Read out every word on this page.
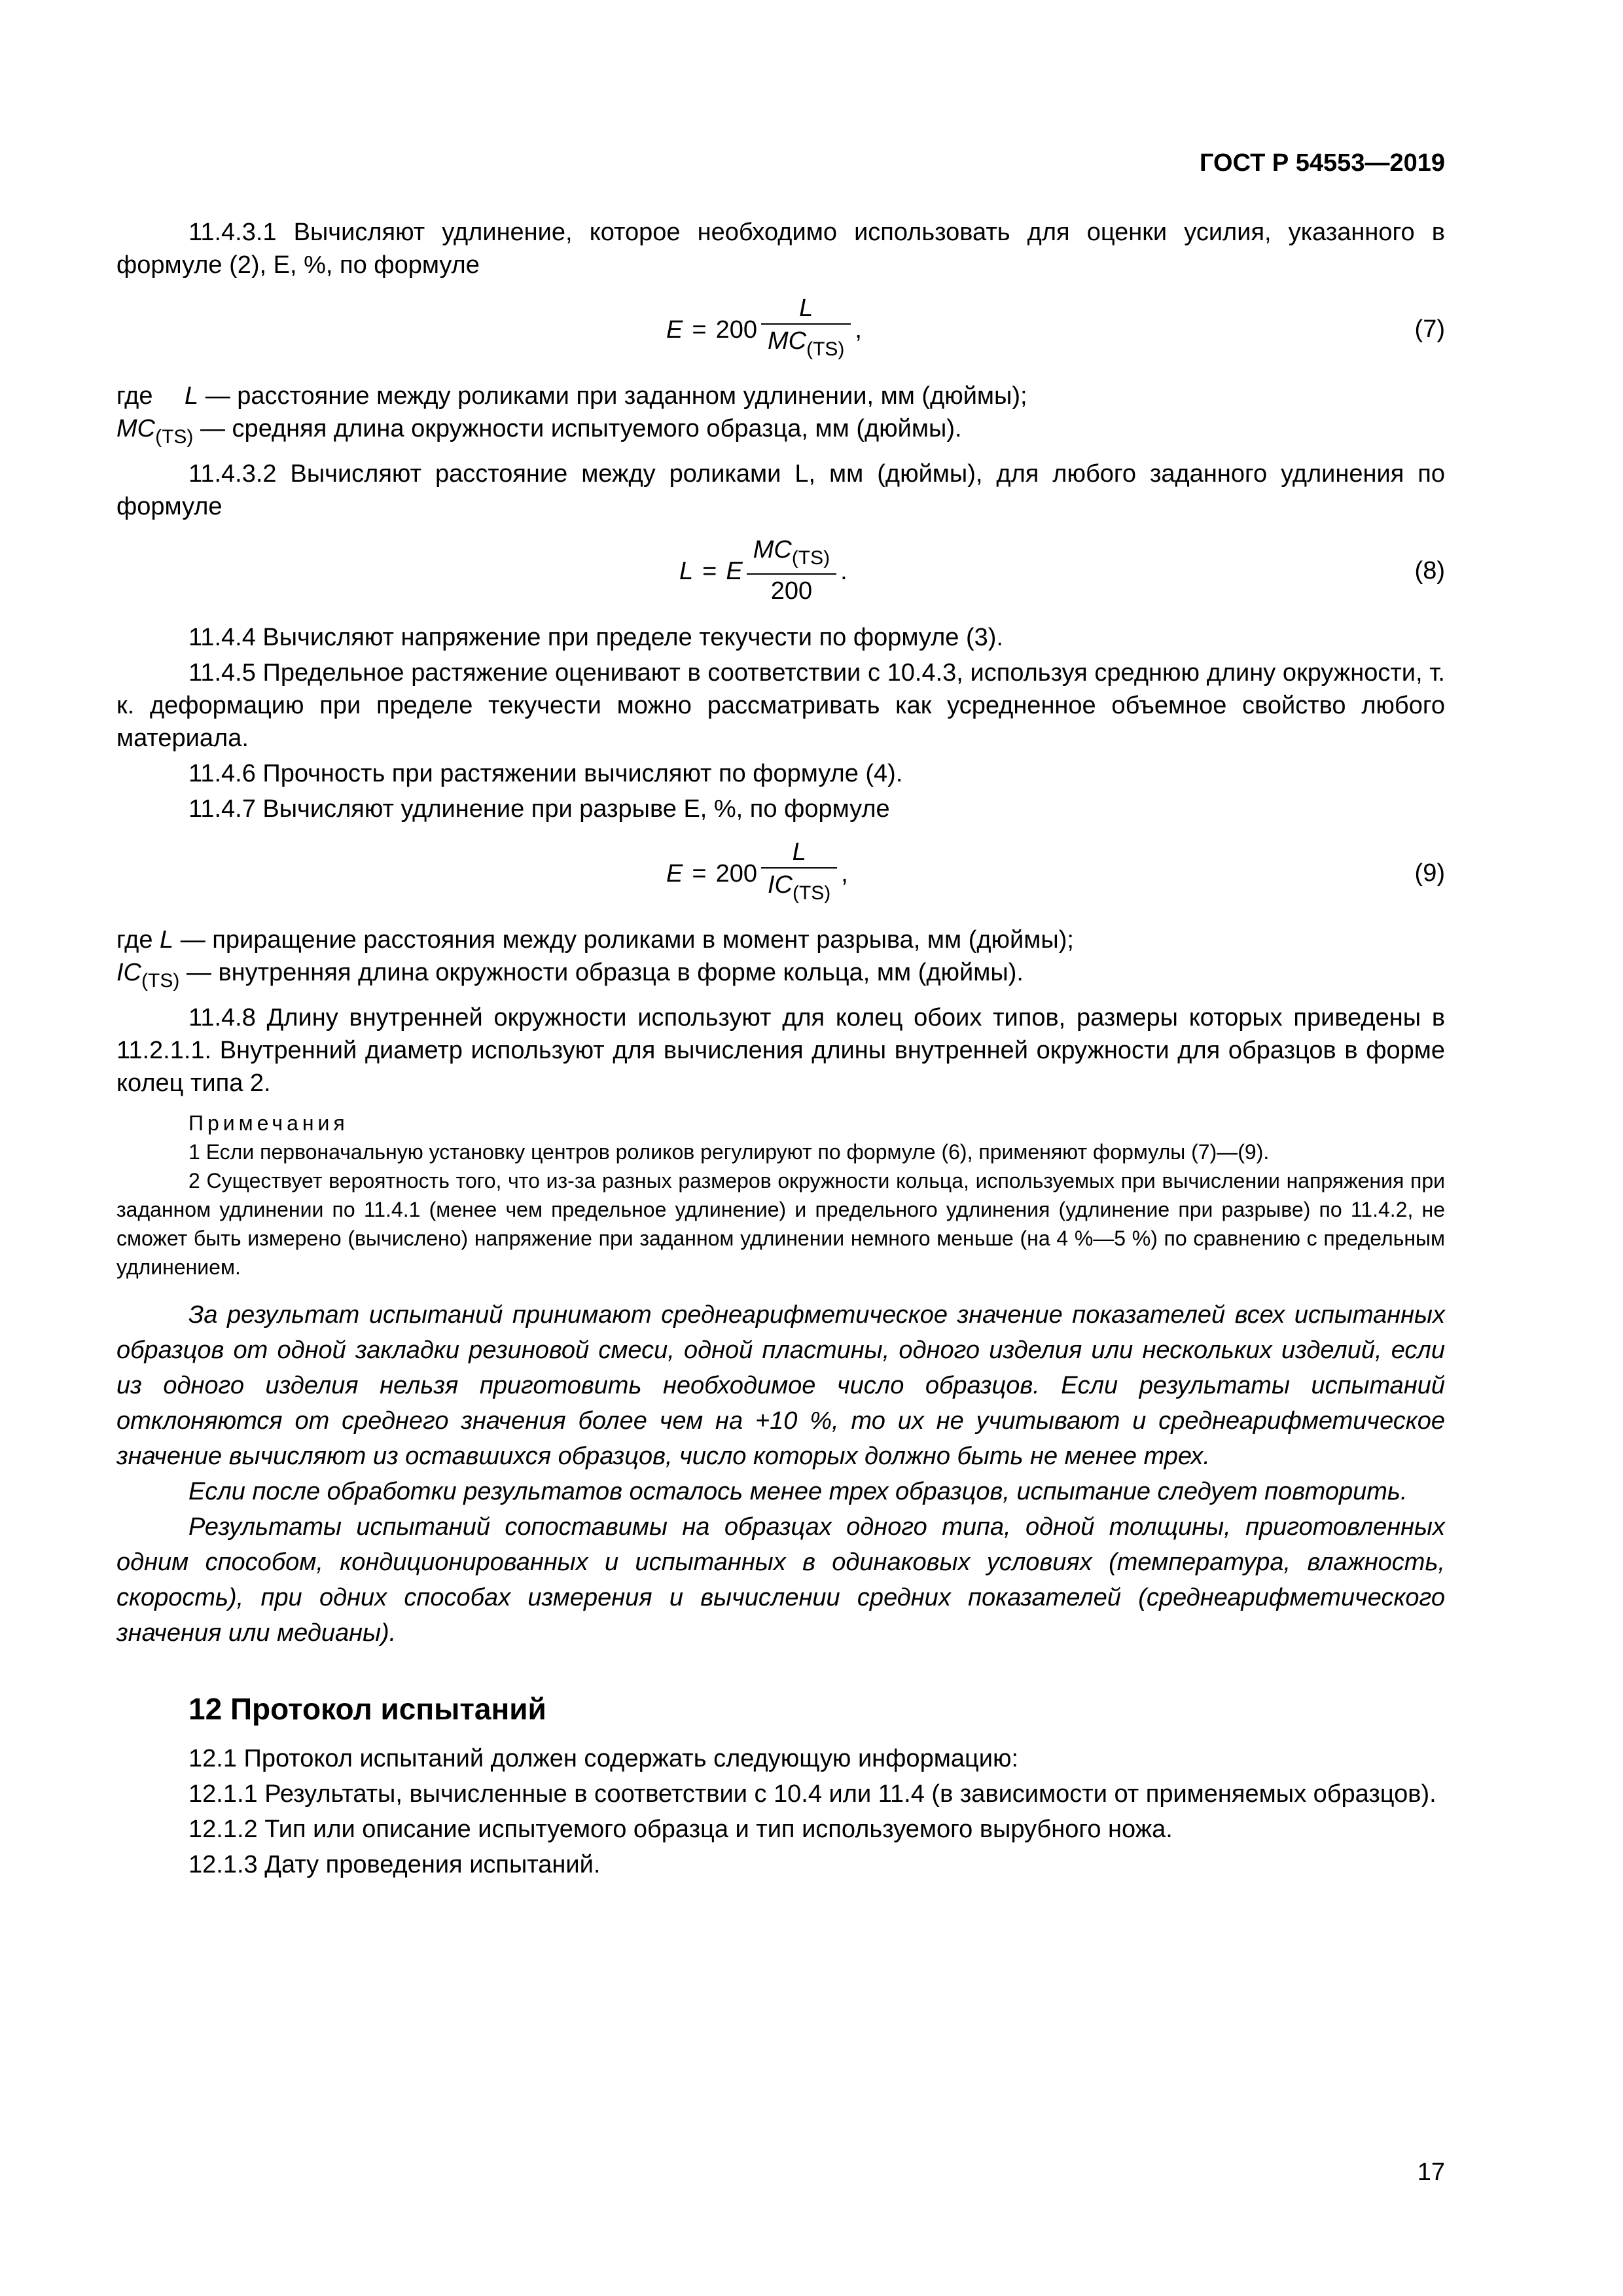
ГОСТ Р 54553—2019

11.4.3.1 Вычисляют удлинение, которое необходимо использовать для оценки усилия, указанного в формуле (2), E, %, по формуле

$E = 200 \frac{L}{MC_{(TS)}}$ ,	(7)
где L — расстояние между роликами при заданном удлинении, мм (дюймы);
$MC_{(TS)}$ — средняя длина окружности испытуемого образца, мм (дюймы).

11.4.3.2 Вычисляют расстояние между роликами L, мм (дюймы), для любого заданного удлинения по формуле

L = E $\frac{MC_{(TS)}}{200}$ .	(8)

11.4.4 Вычисляют напряжение при пределе текучести по формуле (3).

11.4.5 Предельное растяжение оценивают в соответствии с 10.4.3, используя среднюю длину окружности, т. к. деформацию при пределе текучести можно рассматривать как усредненное объемное свойство любого материала.

11.4.6 Прочность при растяжении вычисляют по формуле (4).

11.4.7 Вычисляют удлинение при разрыве E, %, по формуле

$E = 200 \frac{L}{IC_{(TS)}}$ ,	(9)
где L — приращение расстояния между роликами в момент разрыва, мм (дюймы);
$IC_{(TS)}$ — внутренняя длина окружности образца в форме кольца, мм (дюймы).

11.4.8 Длину внутренней окружности используют для колец обоих типов, размеры которых приведены в 11.2.1.1. Внутренний диаметр используют для вычисления длины внутренней окружности для образцов в форме колец типа 2.

Примечания

1 Если первоначальную установку центров роликов регулируют по формуле (6), применяют формулы (7)—(9).

2 Существует вероятность того, что из-за разных размеров окружности кольца, используемых при вычислении напряжения при заданном удлинении по 11.4.1 (менее чем предельное удлинение) и предельного удлинения (удлинение при разрыве) по 11.4.2, не сможет быть измерено (вычислено) напряжение при заданном удлинении немного меньше (на 4 %—5 %) по сравнению с предельным удлинением.

За результат испытаний принимают среднеарифметическое значение показателей всех испытанных образцов от одной закладки резиновой смеси, одной пластины, одного изделия или нескольких изделий, если из одного изделия нельзя приготовить необходимое число образцов. Если результаты испытаний отклоняются от среднего значения более чем на +10 %, то их не учитывают и среднеарифметическое значение вычисляют из оставшихся образцов, число которых должно быть не менее трех.

Если после обработки результатов осталось менее трех образцов, испытание следует повторить.

Результаты испытаний сопоставимы на образцах одного типа, одной толщины, приготовленных одним способом, кондиционированных и испытанных в одинаковых условиях (температура, влажность, скорость), при одних способах измерения и вычислении средних показателей (среднеарифметического значения или медианы).

12 Протокол испытаний

12.1 Протокол испытаний должен содержать следующую информацию:

12.1.1 Результаты, вычисленные в соответствии с 10.4 или 11.4 (в зависимости от применяемых образцов).

12.1.2 Тип или описание испытуемого образца и тип используемого вырубного ножа.

12.1.3 Дату проведения испытаний.

17
